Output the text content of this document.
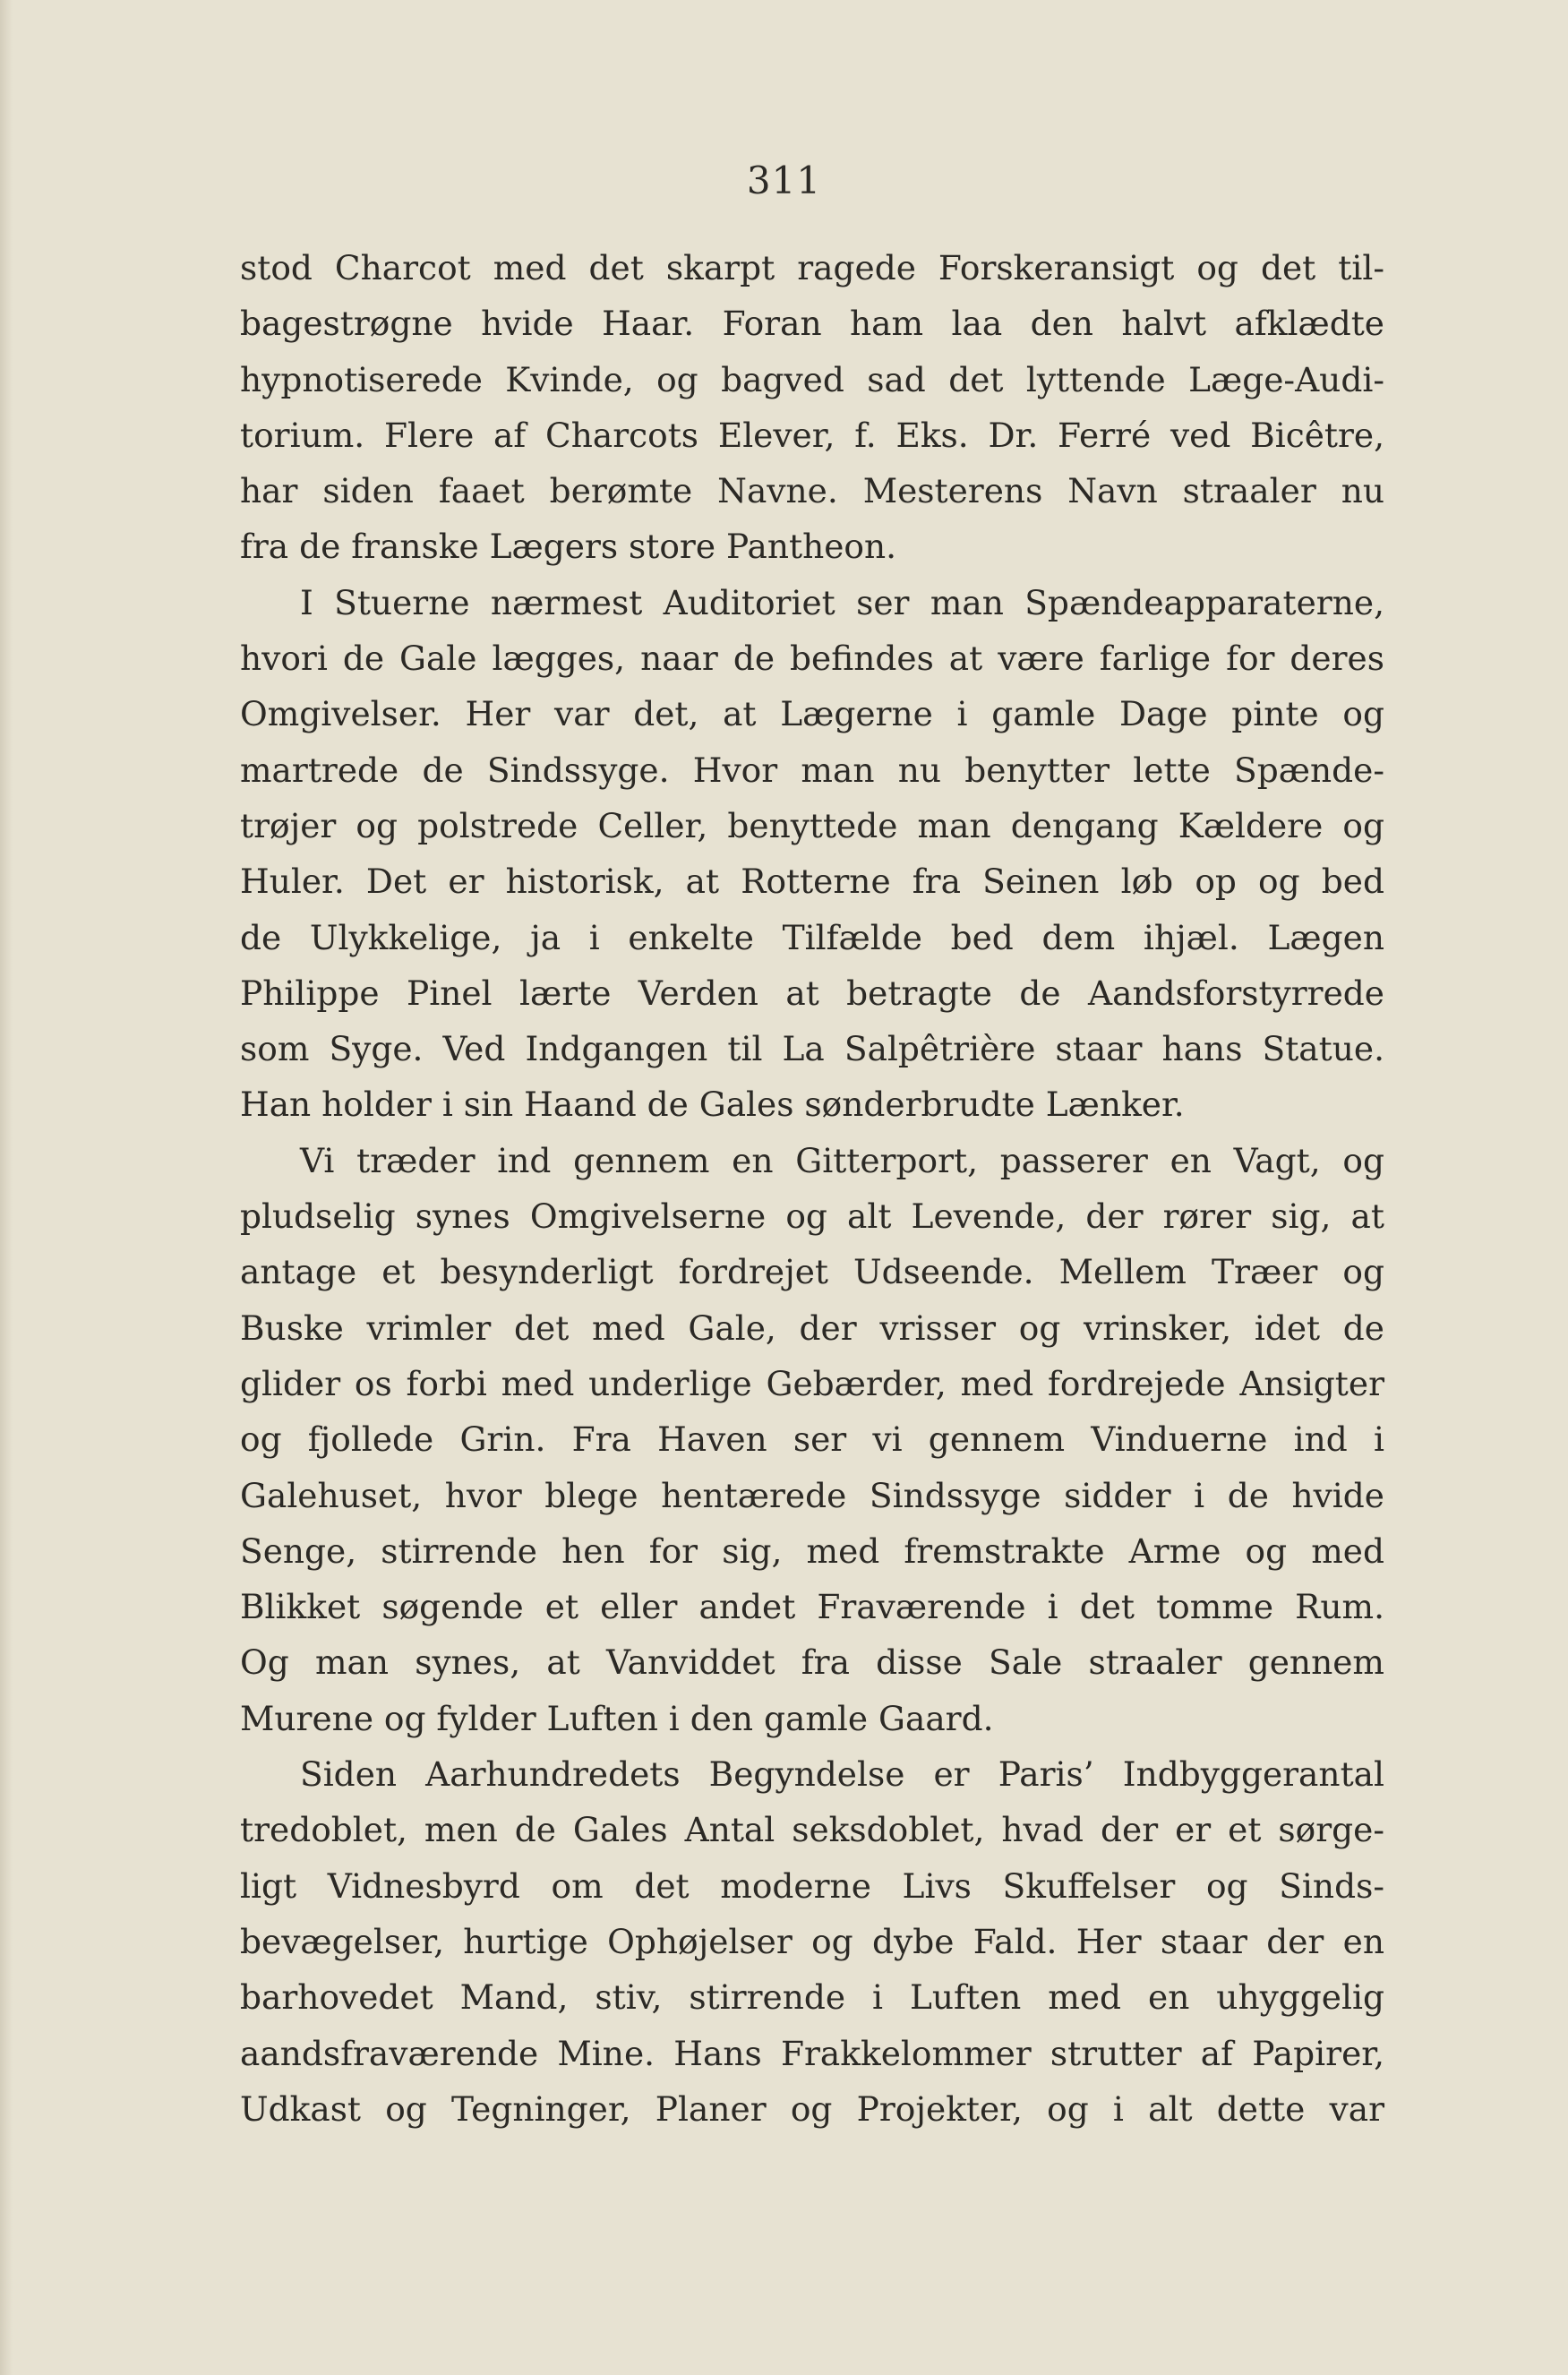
311
stod Charcot med det skarpt ragede Forskeransigt og det til-
bagestrøgne hvide Haar. Foran ham laa den halvt afklædte
hypnotiserede Kvinde, og bagved sad det lyttende Læge-Audi-
torium. Flere af Charcots Elever, f. Eks. Dr. Ferré ved Bicêtre,
har siden faaet berømte Navne. Mesterens Navn straaler nu
fra de franske Lægers store Pantheon.
I Stuerne nærmest Auditoriet ser man Spændeapparaterne,
hvori de Gale lægges, naar de befindes at være farlige for deres
Omgivelser. Her var det, at Lægerne i gamle Dage pinte og
martrede de Sindssyge. Hvor man nu benytter lette Spænde-
trøjer og polstrede Celler, benyttede man dengang Kældere og
Huler. Det er historisk, at Rotterne fra Seinen løb op og bed
de Ulykkelige, ja i enkelte Tilfælde bed dem ihjæl. Lægen
Philippe Pinel lærte Verden at betragte de Aandsforstyrrede
som Syge. Ved Indgangen til La Salpêtrière staar hans Statue.
Han holder i sin Haand de Gales sønderbrudte Lænker.
Vi træder ind gennem en Gitterport, passerer en Vagt, og
pludselig synes Omgivelserne og alt Levende, der rører sig, at
antage et besynderligt fordrejet Udseende. Mellem Træer og
Buske vrimler det med Gale, der vrisser og vrinsker, idet de
glider os forbi med underlige Gebærder, med fordrejede Ansigter
og fjollede Grin. Fra Haven ser vi gennem Vinduerne ind i
Galehuset, hvor blege hentærede Sindssyge sidder i de hvide
Senge, stirrende hen for sig, med fremstrakte Arme og med
Blikket søgende et eller andet Fraværende i det tomme Rum.
Og man synes, at Vanviddet fra disse Sale straaler gennem
Murene og fylder Luften i den gamle Gaard.
Siden Aarhundredets Begyndelse er Paris’ Indbyggerantal
tredoblet, men de Gales Antal seksdoblet, hvad der er et sørge-
ligt Vidnesbyrd om det moderne Livs Skuffelser og Sinds-
bevægelser, hurtige Ophøjelser og dybe Fald. Her staar der en
barhovedet Mand, stiv, stirrende i Luften med en uhyggelig
aandsfraværende Mine. Hans Frakkelommer strutter af Papirer,
Udkast og Tegninger, Planer og Projekter, og i alt dette var
